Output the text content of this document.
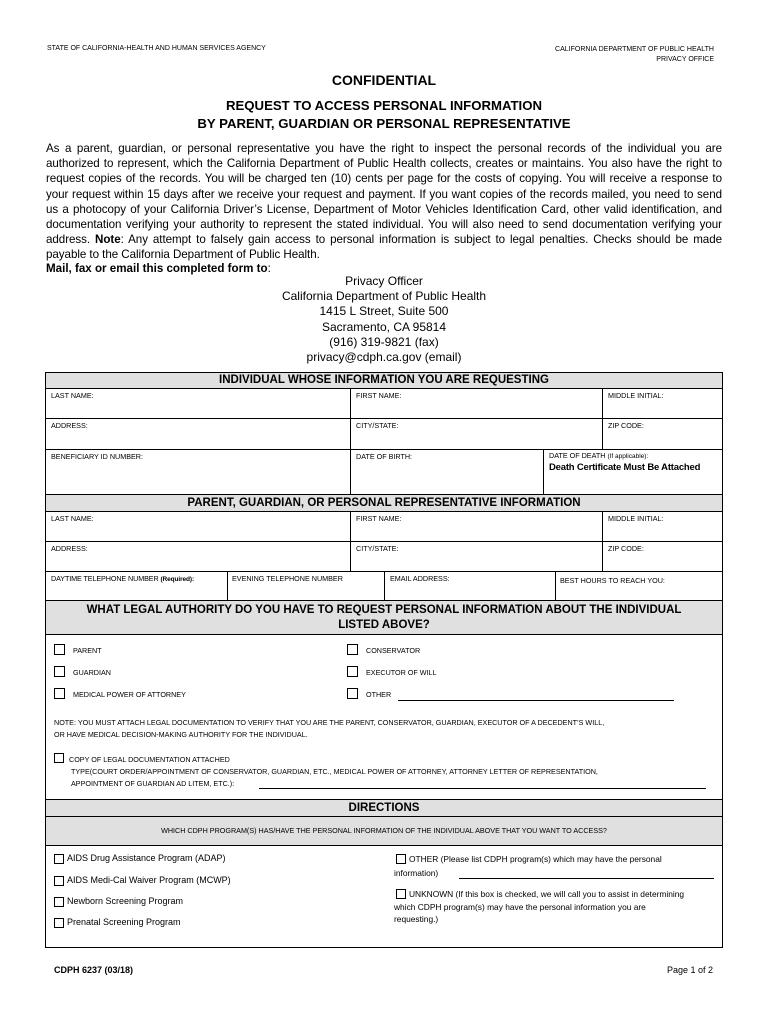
STATE OF CALIFORNIA-HEALTH AND HUMAN SERVICES AGENCY	CALIFORNIA DEPARTMENT OF PUBLIC HEALTH
PRIVACY OFFICE
CONFIDENTIAL
REQUEST TO ACCESS PERSONAL INFORMATION
BY PARENT, GUARDIAN OR PERSONAL REPRESENTATIVE
As a parent, guardian, or personal representative you have the right to inspect the personal records of the individual you are authorized to represent, which the California Department of Public Health collects, creates or maintains. You also have the right to request copies of the records. You will be charged ten (10) cents per page for the costs of copying. You will receive a response to your request within 15 days after we receive your request and payment. If you want copies of the records mailed, you need to send us a photocopy of your California Driver’s License, Department of Motor Vehicles Identification Card, other valid identification, and documentation verifying your authority to represent the stated individual. You will also need to send documentation verifying your address. Note: Any attempt to falsely gain access to personal information is subject to legal penalties. Checks should be made payable to the California Department of Public Health.
Mail, fax or email this completed form to:
Privacy Officer
California Department of Public Health
1415 L Street, Suite 500
Sacramento, CA 95814
(916) 319-9821 (fax)
privacy@cdph.ca.gov (email)
INDIVIDUAL WHOSE INFORMATION YOU ARE REQUESTING
LAST NAME:	FIRST NAME:	MIDDLE INITIAL:
ADDRESS:	CITY/STATE:	ZIP CODE:
BENEFICIARY ID NUMBER:	DATE OF BIRTH:	DATE OF DEATH (If applicable):
Death Certificate Must Be Attached
PARENT, GUARDIAN, OR PERSONAL REPRESENTATIVE INFORMATION
LAST NAME:	FIRST NAME:	MIDDLE INITIAL:
ADDRESS:	CITY/STATE:	ZIP CODE:
DAYTIME TELEPHONE NUMBER (Required):	EVENING TELEPHONE NUMBER	EMAIL ADDRESS:	BEST HOURS TO REACH YOU:
WHAT LEGAL AUTHORITY DO YOU HAVE TO REQUEST PERSONAL INFORMATION ABOUT THE INDIVIDUAL
LISTED ABOVE?
PARENT
GUARDIAN
MEDICAL POWER OF ATTORNEY
CONSERVATOR
EXECUTOR OF WILL
OTHER
NOTE: YOU MUST ATTACH LEGAL DOCUMENTATION TO VERIFY THAT YOU ARE THE PARENT, CONSERVATOR, GUARDIAN, EXECUTOR OF A DECEDENT’S WILL,
OR HAVE MEDICAL DECISION-MAKING AUTHORITY FOR THE INDIVIDUAL.
COPY OF LEGAL DOCUMENTATION ATTACHED
TYPE(COURT ORDER/APPOINTMENT OF CONSERVATOR, GUARDIAN, ETC., MEDICAL POWER OF ATTORNEY, ATTORNEY LETTER OF REPRESENTATION,
APPOINTMENT OF GUARDIAN AD LITEM, ETC.):
DIRECTIONS
WHICH CDPH PROGRAM(S) HAS/HAVE THE PERSONAL INFORMATION OF THE INDIVIDUAL ABOVE THAT YOU WANT TO ACCESS?
AIDS Drug Assistance Program (ADAP)
AIDS Medi-Cal Waiver Program (MCWP)
Newborn Screening Program
Prenatal Screening Program
OTHER (Please list CDPH program(s) which may have the personal
information)
UNKNOWN (If this box is checked, we will call you to assist in determining
which CDPH program(s) may have the personal information you are
requesting.)
CDPH 6237 (03/18)	Page 1 of 2
